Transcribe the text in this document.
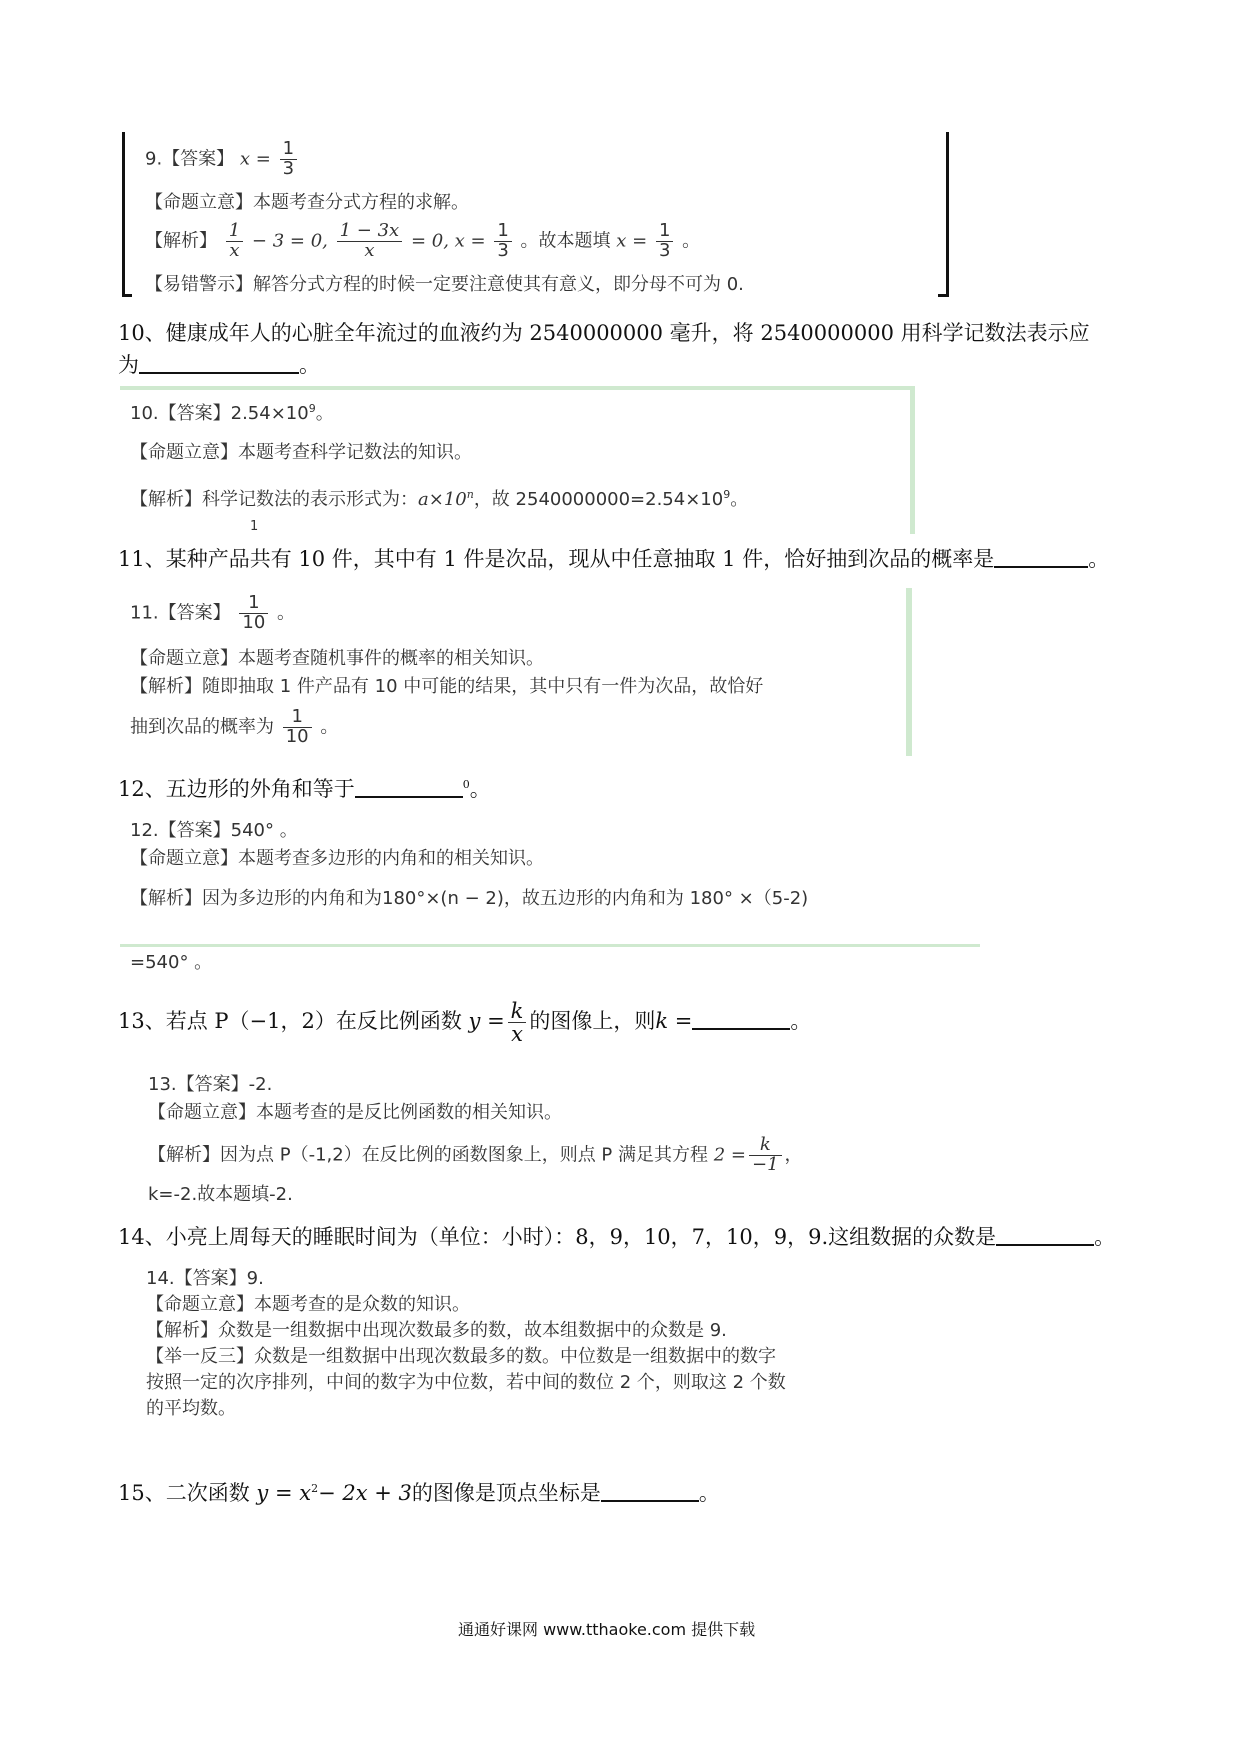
9.【答案】 $x = \frac{1}{3}$
【命题立意】本题考查分式方程的求解。
【解析】 $\frac{1}{x} - 3 = 0$, $\frac{1 - 3x}{x} = 0$, $x = \frac{1}{3}$ 。故本题填 $x = \frac{1}{3}$ 。
【易错警示】解答分式方程的时候一定要注意使其有意义，即分母不可为 0.
10、健康成年人的心脏全年流过的血液约为 2540000000 毫升，将 2540000000 用科学记数法表示应
为	。
10.【答案】$2.54\times 10^9$。
【命题立意】本题考查科学记数法的知识。
【解析】科学记数法的表示形式为：$a\times 10^n$，故 $2540000000=2.54\times 10^9$。
1
11、某种产品共有 10 件，其中有 1 件是次品，现从中任意抽取 1 件，恰好抽到次品的概率是	。
11.【答案】 $\frac{1}{10}$ 。
【命题立意】本题考查随机事件的概率的相关知识。
【解析】随即抽取 1 件产品有 10 中可能的结果，其中只有一件为次品，故恰好
抽到次品的概率为 $\frac{1}{10}$ 。
12、五边形的外角和等于	$^0$。
12.【答案】540° 。
【命题立意】本题考查多边形的内角和的相关知识。
【解析】因为多边形的内角和为180°×(n − 2)，故五边形的内角和为 180° ×（5-2)
=540° 。
13、若点 P（−1，2）在反比例函数 $y = \frac{k}{x}$ 的图像上，则k =	。
13.【答案】-2.
【命题立意】本题考查的是反比例函数的相关知识。
【解析】因为点 P（-1,2）在反比例的函数图象上，则点 P 满足其方程 $2 = \frac{k}{-1}$ ，
k=-2.故本题填-2.
14、小亮上周每天的睡眠时间为（单位：小时）：8，9，10，7，10，9，9.这组数据的众数是	。
14.【答案】9.
【命题立意】本题考查的是众数的知识。
【解析】众数是一组数据中出现次数最多的数，故本组数据中的众数是 9.
【举一反三】众数是一组数据中出现次数最多的数。中位数是一组数据中的数字
按照一定的次序排列，中间的数字为中位数，若中间的数位 2 个，则取这 2 个数
的平均数。
15、二次函数 $y = x^2- 2x + 3$的图像是顶点坐标是	。
通通好课网 www.tthaoke.com 提供下载
